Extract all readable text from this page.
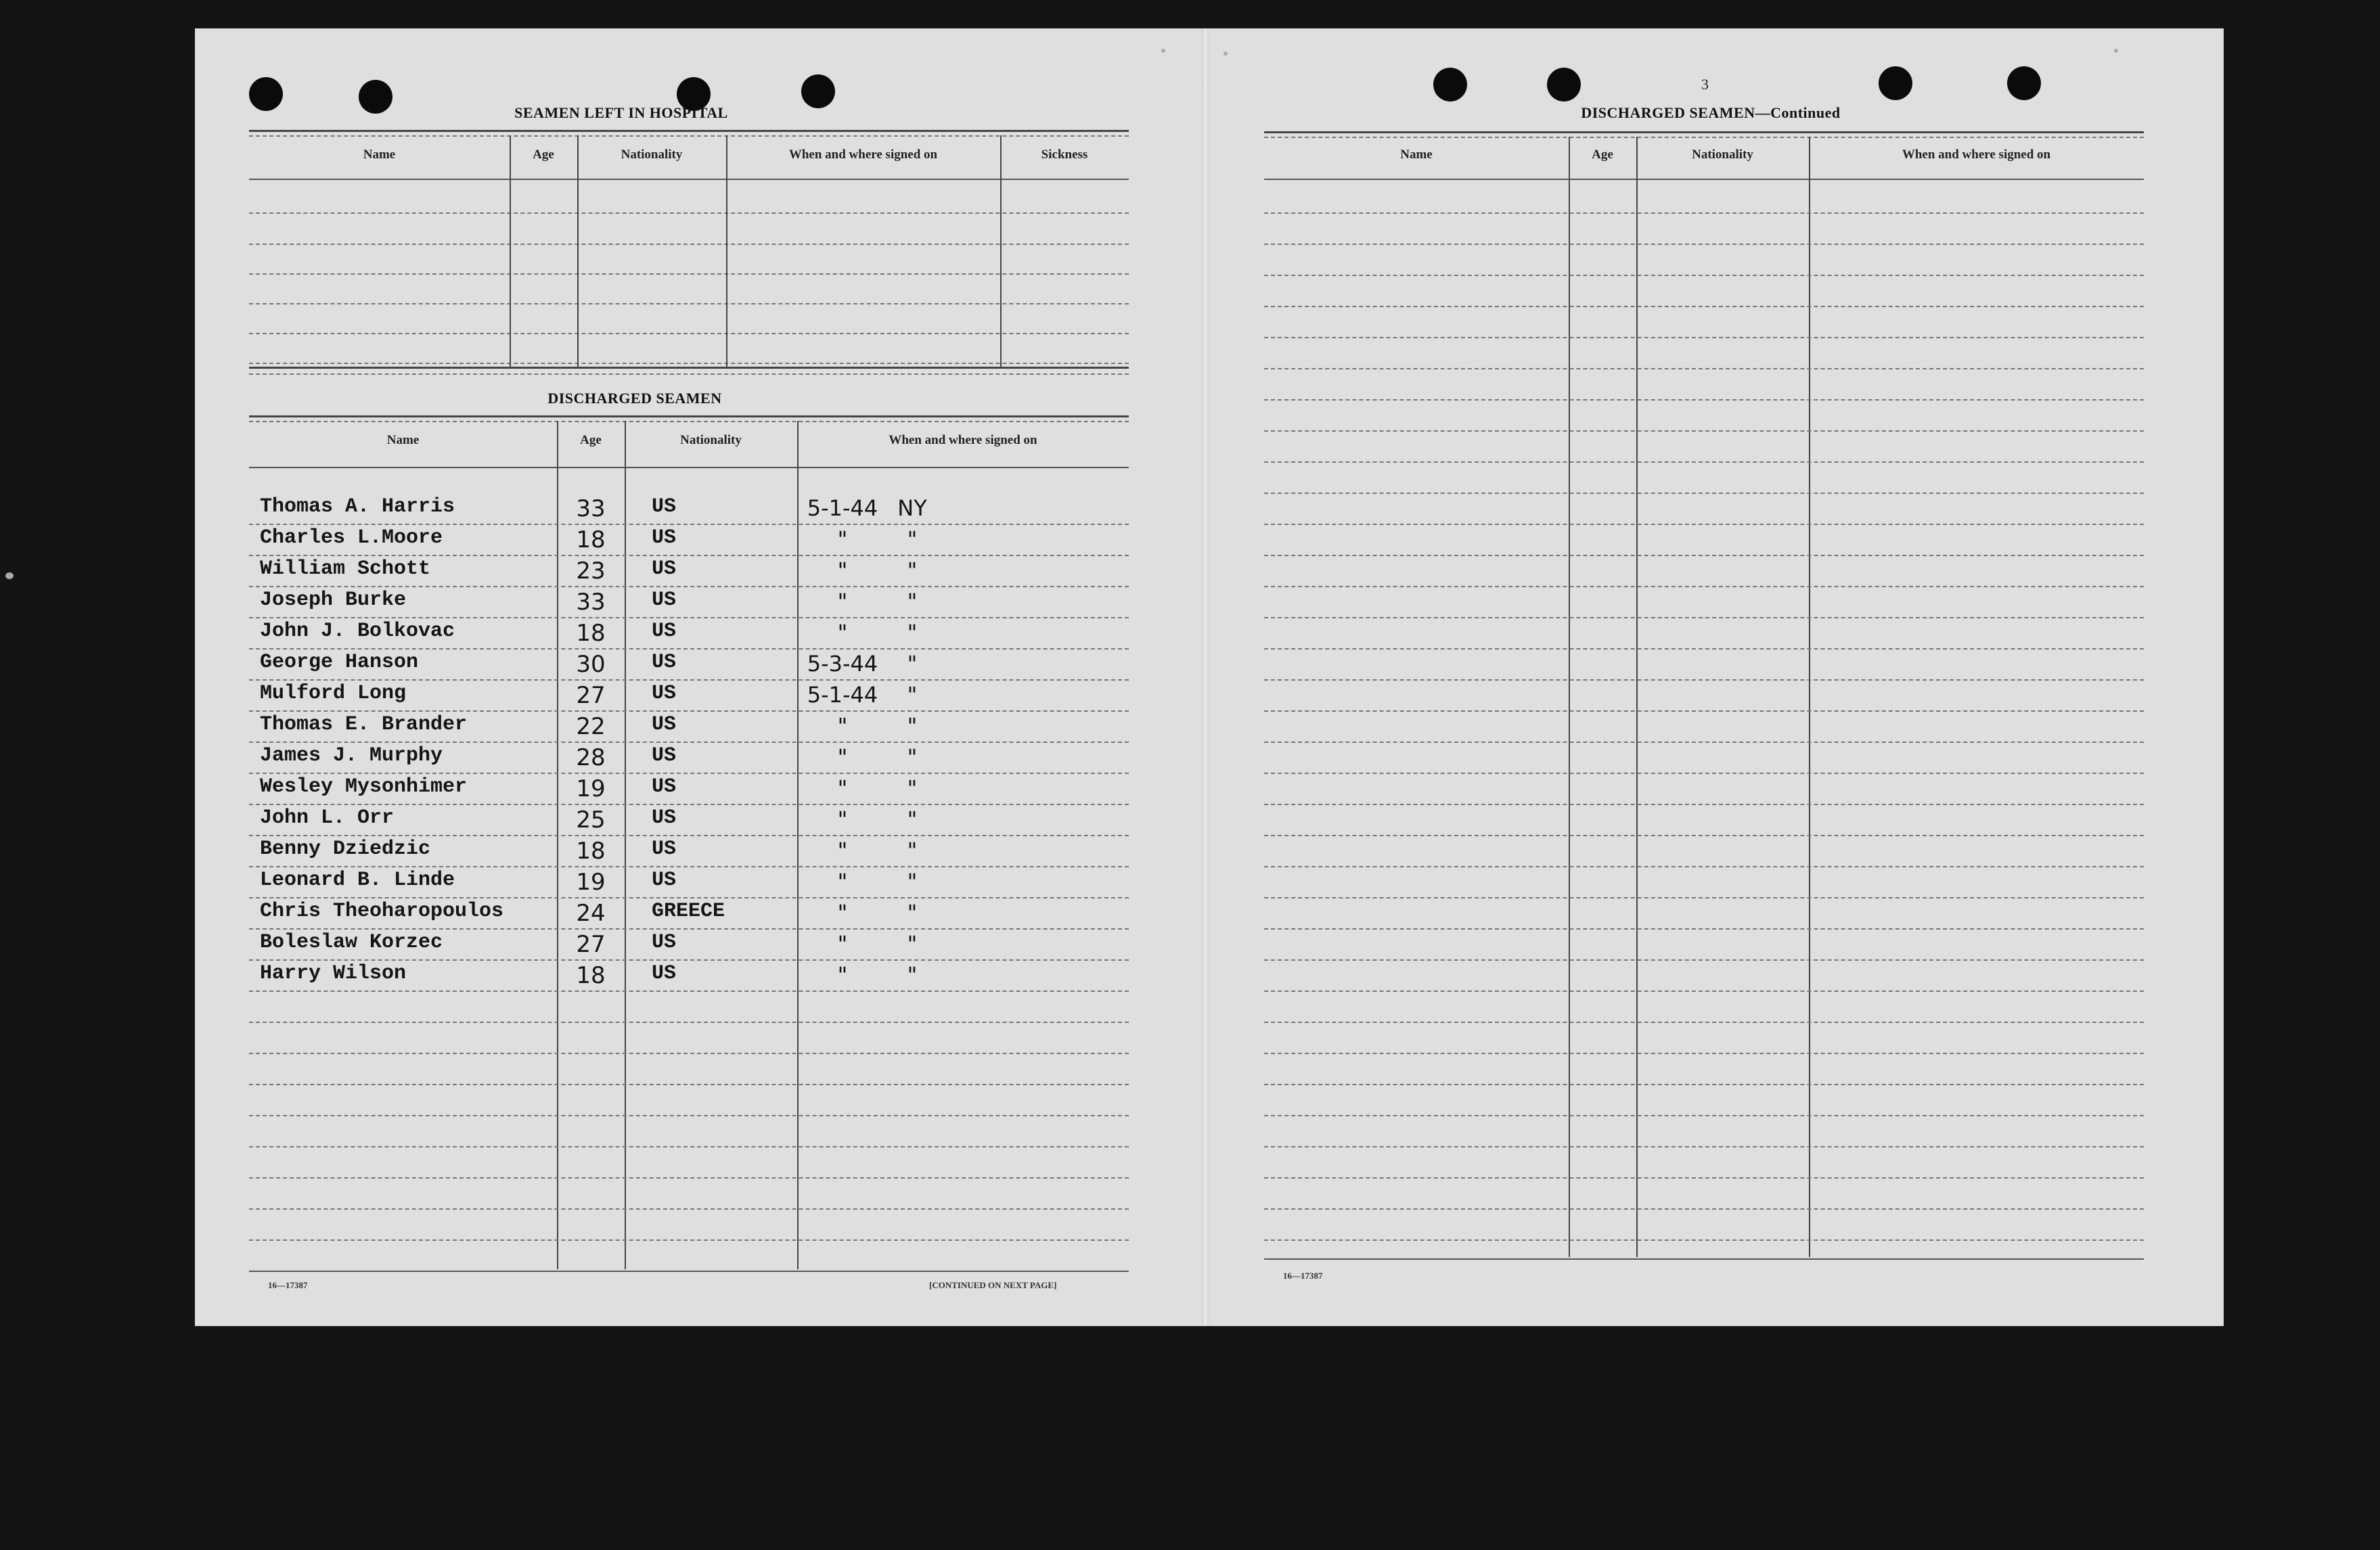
SEAMEN LEFT IN HOSPITAL
Name	Age	Nationality	When and where signed on	Sickness
DISCHARGED SEAMEN
Name	Age	Nationality	When and where signed on
Thomas A. Harris	33	US	5-1-44 NY
Charles L.Moore	18	US	"	"
William Schott	23	US	"	"
Joseph Burke	33	US	"	"
John J. Bolkovac	18	US	"	"
George Hanson	30	US	5-3-44	"
Mulford Long	27	US	5-1-44	"
Thomas E. Brander	22	US	"	"
James J. Murphy	28	US	"	"
Wesley Mysonhimer	19	US	"	"
John L. Orr	25	US	"	"
Benny Dziedzic	18	US	"	"
Leonard B. Linde	19	US	"	"
Chris Theoharopoulos	24	GREECE	"	"
Boleslaw Korzec	27	US	"	"
Harry Wilson	18	US	"	"
16—17387	[CONTINUED ON NEXT PAGE]
3
DISCHARGED SEAMEN—Continued
Name	Age	Nationality	When and where signed on
16—17387
